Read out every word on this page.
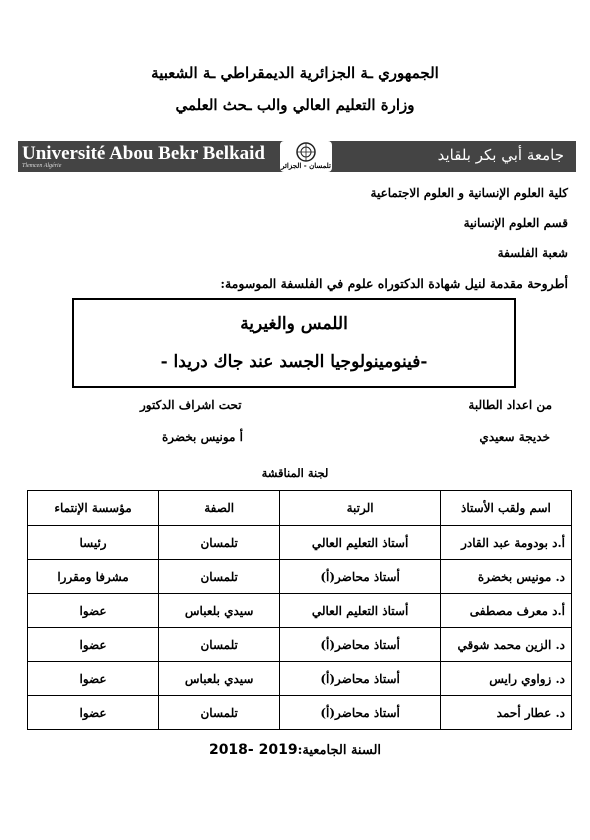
الجمهوري ـة الجزائرية الديمقراطي ـة الشعبية
وزارة التعليم العالي والب ـحث العلمي
Université Abou Bekr Belkaid
Tlemcen Algérie	تلمسان - الجزائر
جامعة أبي بكر بلقايد
كلية العلوم الإنسانية و العلوم الاجتماعية
قسم العلوم الإنسانية
شعبة الفلسفة
أطروحة مقدمة لنيل شهادة الدكتوراه علوم في الفلسفة الموسومة:
اللمس والغيرية
-فينومينولوجيا الجسد عند جاك دريدا -
من اعداد الطالبة
تحت اشراف الدكتور
خديجة سعيدي
أ مونيس بخضرة
لجنة المناقشة
اسم ولقب الأستاذ	الرتبة	الصفة	مؤسسة الإنتماء
أ.د بودومة عبد القادر	أستاذ التعليم العالي	تلمسان	رئيسا
د. مونيس بخضرة	أستاذ محاضر(أ)	تلمسان	مشرفا ومقررا
أ.د معرف مصطفى	أستاذ التعليم العالي	سيدي بلعباس	عضوا
د. الزين محمد شوقي	أستاذ محاضر(أ)	تلمسان	عضوا
د. زواوي رايس	أستاذ محاضر(أ)	سيدي بلعباس	عضوا
د. عطار أحمد	أستاذ محاضر(أ)	تلمسان	عضوا
السنة الجامعية:2018- 2019
